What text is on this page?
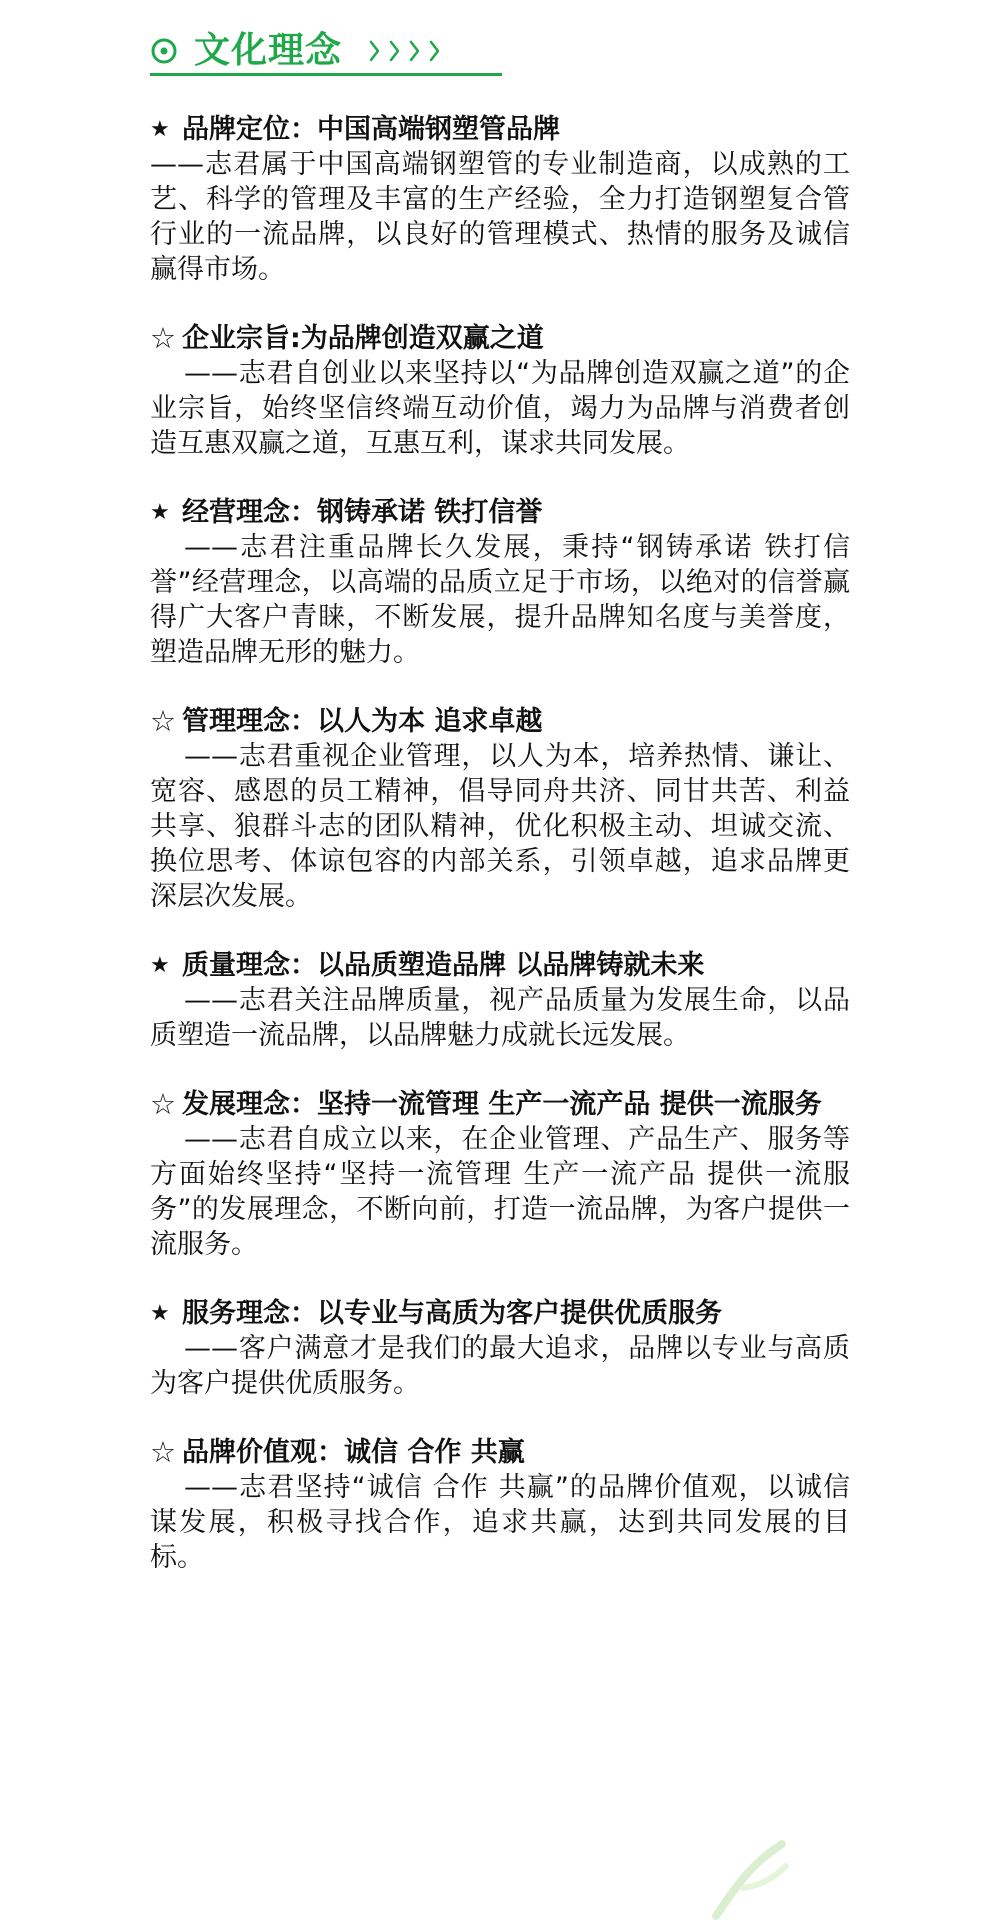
文化理念
★ 品牌定位：中国高端钢塑管品牌
——志君属于中国高端钢塑管的专业制造商，以成熟的工艺、科学的管理及丰富的生产经验，全力打造钢塑复合管行业的一流品牌，以良好的管理模式、热情的服务及诚信赢得市场。
☆ 企业宗旨:为品牌创造双赢之道
——志君自创业以来坚持以“为品牌创造双赢之道”的企业宗旨，始终坚信终端互动价值，竭力为品牌与消费者创造互惠双赢之道，互惠互利，谋求共同发展。
★ 经营理念：钢铸承诺 铁打信誉
——志君注重品牌长久发展，秉持“钢铸承诺 铁打信誉”经营理念，以高端的品质立足于市场，以绝对的信誉赢得广大客户青睐，不断发展，提升品牌知名度与美誉度，塑造品牌无形的魅力。
☆ 管理理念：以人为本 追求卓越
——志君重视企业管理，以人为本，培养热情、谦让、宽容、感恩的员工精神，倡导同舟共济、同甘共苦、利益共享、狼群斗志的团队精神，优化积极主动、坦诚交流、换位思考、体谅包容的内部关系，引领卓越，追求品牌更深层次发展。
★ 质量理念：以品质塑造品牌 以品牌铸就未来
——志君关注品牌质量，视产品质量为发展生命，以品质塑造一流品牌，以品牌魅力成就长远发展。
☆ 发展理念：坚持一流管理 生产一流产品 提供一流服务
——志君自成立以来，在企业管理、产品生产、服务等方面始终坚持“坚持一流管理 生产一流产品 提供一流服务”的发展理念，不断向前，打造一流品牌，为客户提供一流服务。
★ 服务理念：以专业与高质为客户提供优质服务
——客户满意才是我们的最大追求，品牌以专业与高质为客户提供优质服务。
☆ 品牌价值观：诚信 合作 共赢
——志君坚持“诚信 合作 共赢”的品牌价值观，以诚信谋发展，积极寻找合作，追求共赢，达到共同发展的目标。
